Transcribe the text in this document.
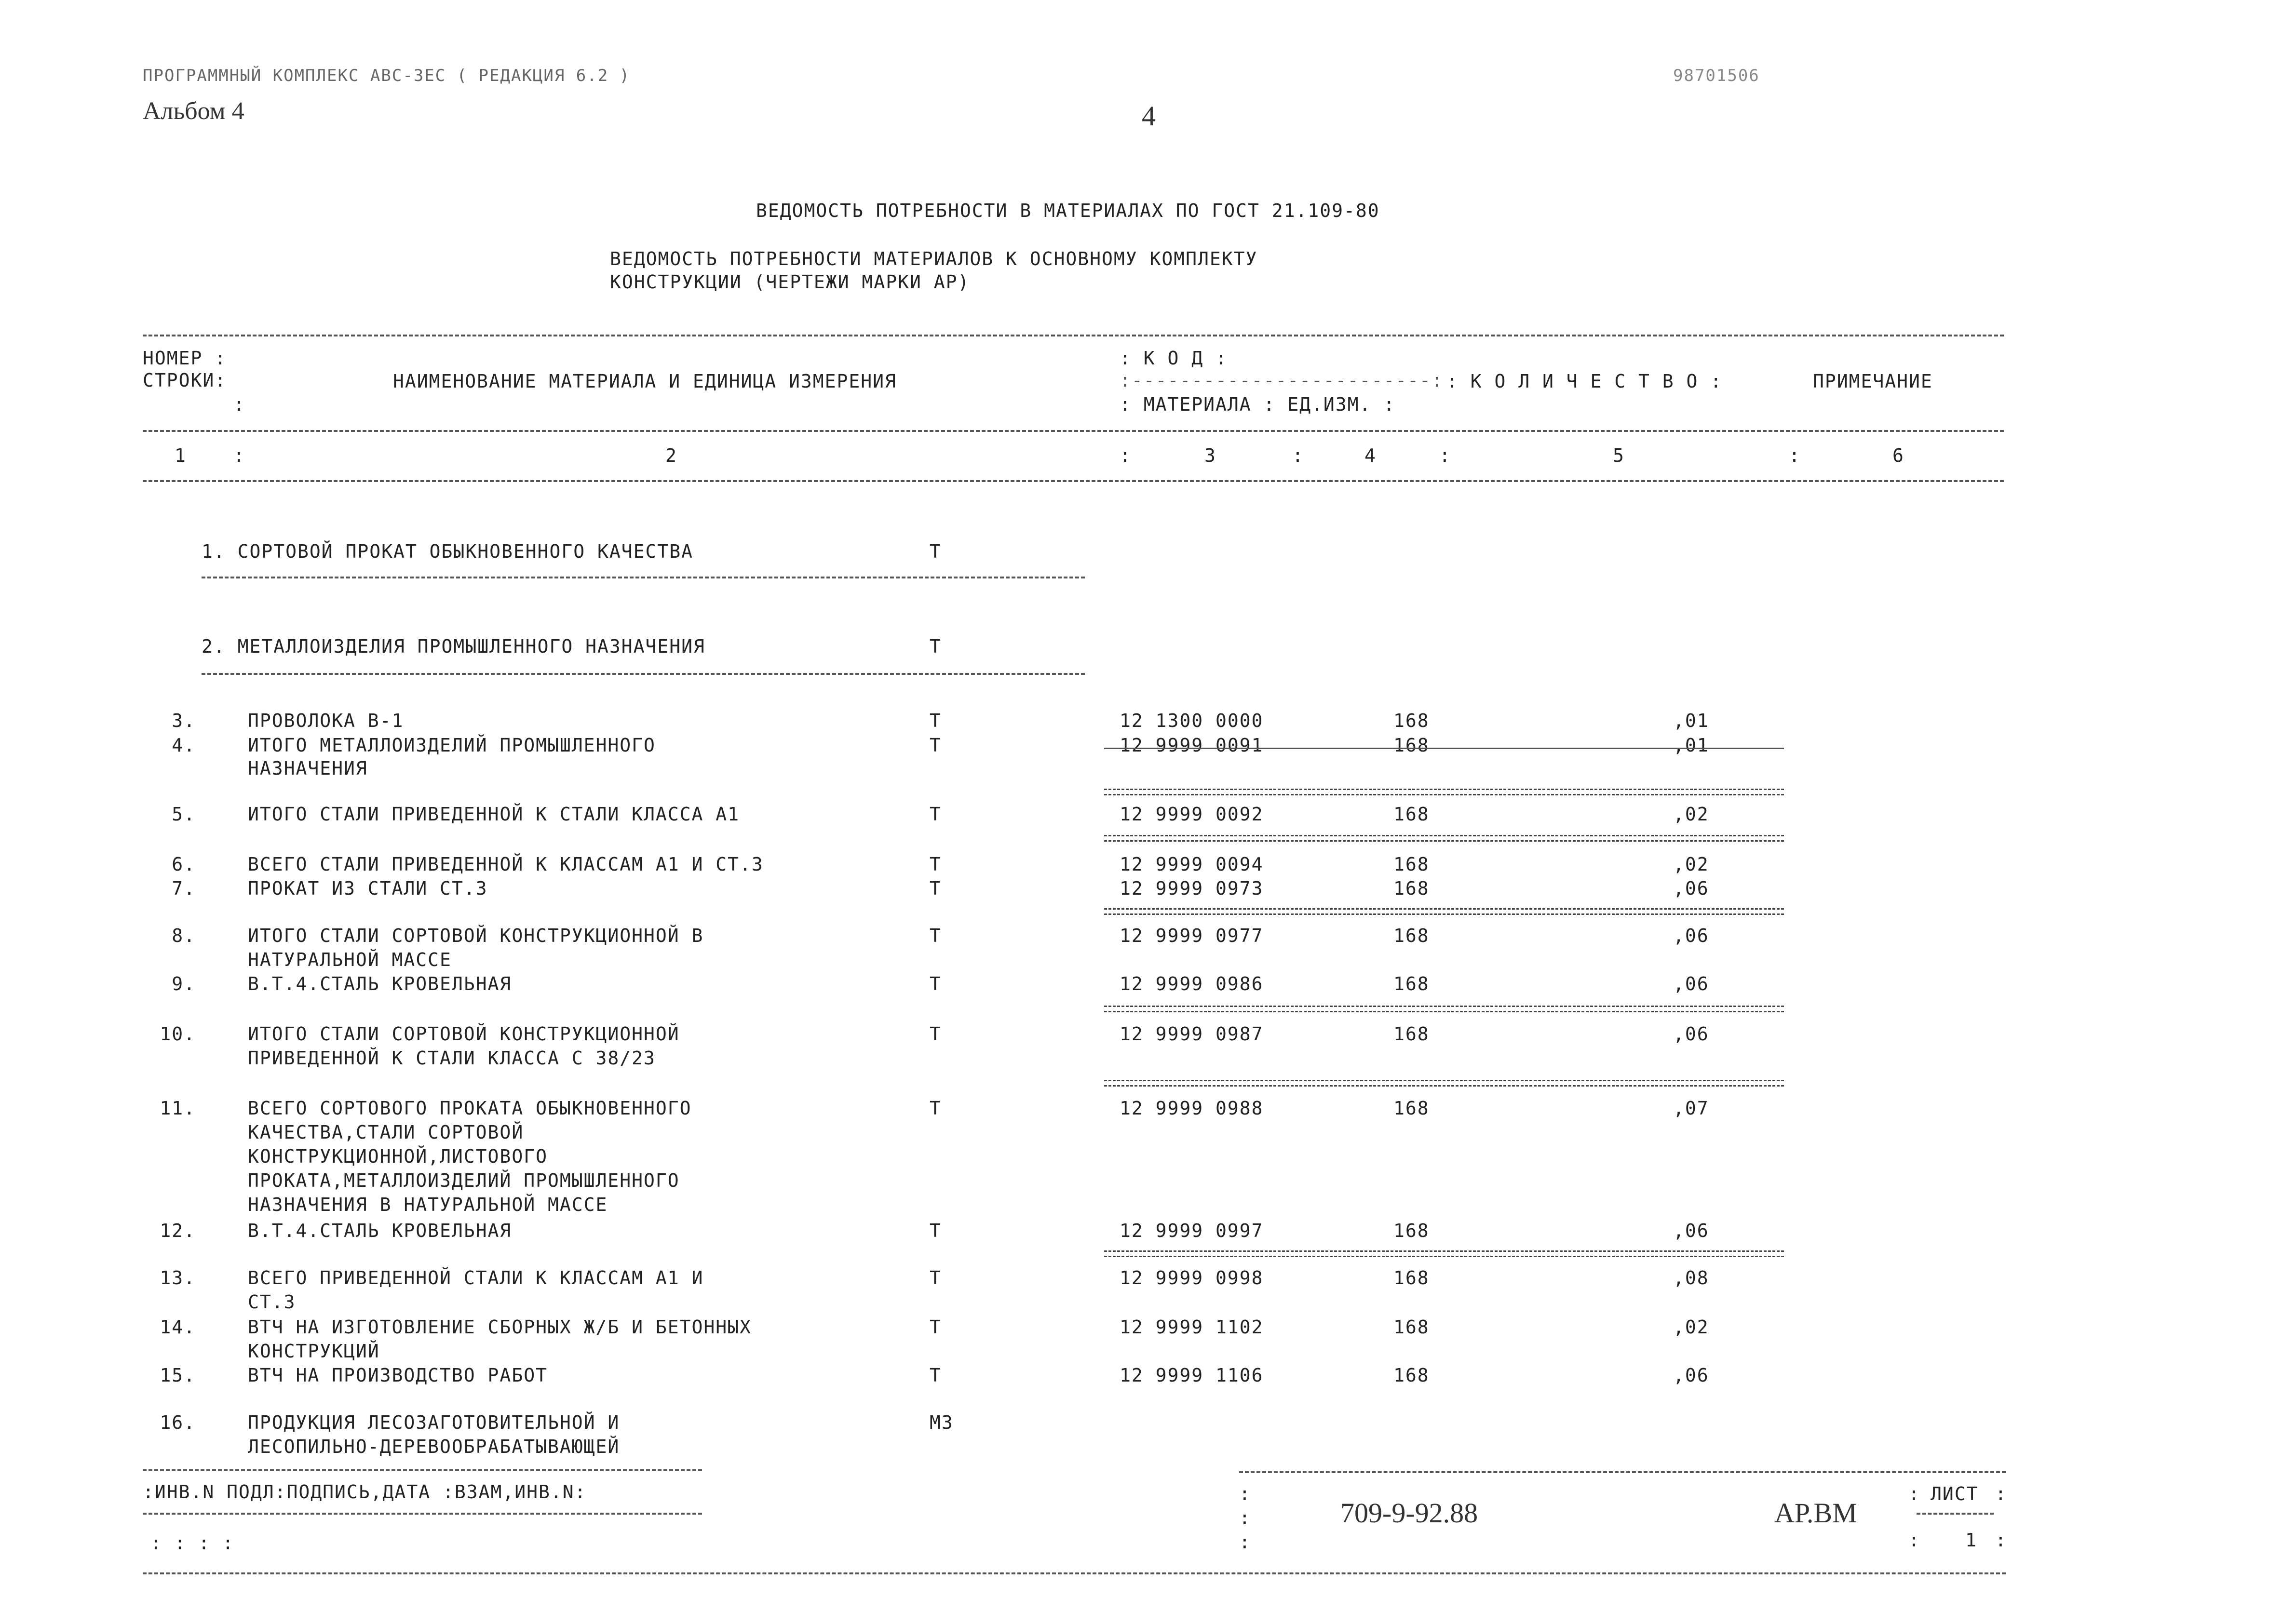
ПРОГРАММНЫЙ КОМПЛЕКС АВС-3ЕС ( РЕДАКЦИЯ 6.2 )
Альбом 4	4
98701506
ВЕДОМОСТЬ ПОТРЕБНОСТИ В МАТЕРИАЛАХ ПО ГОСТ 21.109-80
ВЕДОМОСТЬ ПОТРЕБНОСТИ МАТЕРИАЛОВ К ОСНОВНОМУ КОМПЛЕКТУ
КОНСТРУКЦИИ (ЧЕРТЕЖИ МАРКИ АР)
НОМЕР :
СТРОКИ:
:
НАИМЕНОВАНИЕ МАТЕРИАЛА И ЕДИНИЦА ИЗМЕРЕНИЯ
: К О Д :
:-------------------------:
: МАТЕРИАЛА : ЕД.ИЗМ. :
: К О Л И Ч Е С Т В О :	ПРИМЕЧАНИЕ
1	:	2	:	3	:	4	:	5	:	6
1. СОРТОВОЙ ПРОКАТ ОБЫКНОВЕННОГО КАЧЕСТВА	Т
2. МЕТАЛЛОИЗДЕЛИЯ ПРОМЫШЛЕННОГО НАЗНАЧЕНИЯ	Т
3.	ПРОВОЛОКА В-1	Т	12 1300 0000	168	,01
4.	ИТОГО МЕТАЛЛОИЗДЕЛИЙ ПРОМЫШЛЕННОГО
НАЗНАЧЕНИЯ
Т	12 9999 0091	168	,01
5.	ИТОГО СТАЛИ ПРИВЕДЕННОЙ К СТАЛИ КЛАССА А1	Т	12 9999 0092	168	,02
6.	ВСЕГО СТАЛИ ПРИВЕДЕННОЙ К КЛАССАМ А1 И СТ.3	Т	12 9999 0094	168	,02
7.	ПРОКАТ ИЗ СТАЛИ СТ.3	Т	12 9999 0973	168	,06
8.	ИТОГО СТАЛИ СОРТОВОЙ КОНСТРУКЦИОННОЙ В
НАТУРАЛЬНОЙ МАССЕ
Т	12 9999 0977	168	,06
9.	В.Т.4.СТАЛЬ КРОВЕЛЬНАЯ	Т	12 9999 0986	168	,06
10.	ИТОГО СТАЛИ СОРТОВОЙ КОНСТРУКЦИОННОЙ
ПРИВЕДЕННОЙ К СТАЛИ КЛАССА С 38/23
Т	12 9999 0987	168	,06
11.	ВСЕГО СОРТОВОГО ПРОКАТА ОБЫКНОВЕННОГО
КАЧЕСТВА,СТАЛИ СОРТОВОЙ
КОНСТРУКЦИОННОЙ,ЛИСТОВОГО
ПРОКАТА,МЕТАЛЛОИЗДЕЛИЙ ПРОМЫШЛЕННОГО
НАЗНАЧЕНИЯ В НАТУРАЛЬНОЙ МАССЕ
Т	12 9999 0988	168	,07
12.	В.Т.4.СТАЛЬ КРОВЕЛЬНАЯ	Т	12 9999 0997	168	,06
13.	ВСЕГО ПРИВЕДЕННОЙ СТАЛИ К КЛАССАМ А1 И
СТ.3
Т	12 9999 0998	168	,08
14.	ВТЧ НА ИЗГОТОВЛЕНИЕ СБОРНЫХ Ж/Б И БЕТОННЫХ
КОНСТРУКЦИЙ
Т	12 9999 1102	168	,02
15.	ВТЧ НА ПРОИЗВОДСТВО РАБОТ	Т	12 9999 1106	168	,06
16.	ПРОДУКЦИЯ ЛЕСОЗАГОТОВИТЕЛЬНОЙ И
ЛЕСОПИЛЬНО-ДЕРЕВООБРАБАТЫВАЮЩЕЙ
М3
:ИНВ.N ПОДЛ:ПОДПИСЬ,ДАТА :ВЗАМ,ИНВ.N:
: : : :
:
:
:
709-9-92.88	АР.ВМ
: ЛИСТ :
: 1 :
